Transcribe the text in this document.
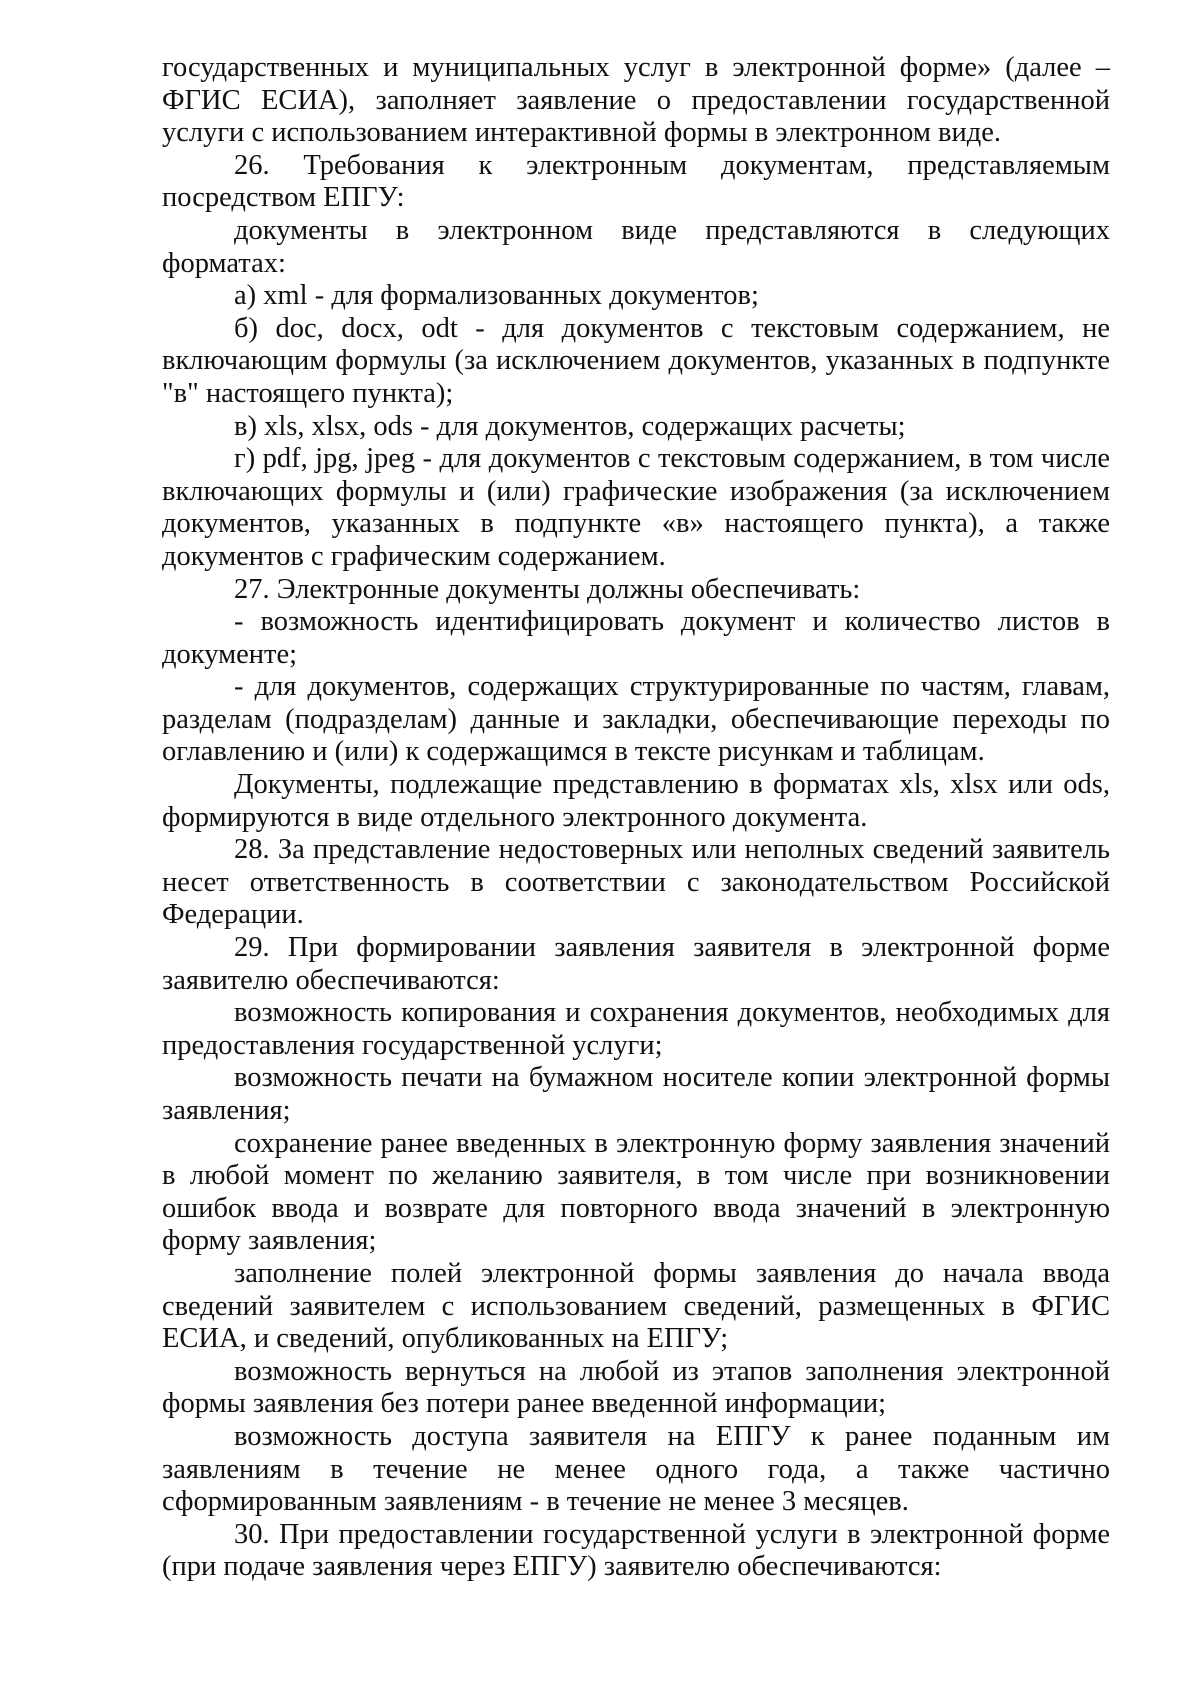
государственных и муниципальных услуг в электронной форме» (далее – ФГИС ЕСИА), заполняет заявление о предоставлении государственной услуги с использованием интерактивной формы в электронном виде.

26. Требования к электронным документам, представляемым посредством ЕПГУ:

документы в электронном виде представляются в следующих форматах:

а) xml - для формализованных документов;

б) doc, docx, odt - для документов с текстовым содержанием, не включающим формулы (за исключением документов, указанных в подпункте "в" настоящего пункта);

в) xls, xlsx, ods - для документов, содержащих расчеты;

г) pdf, jpg, jpeg - для документов с текстовым содержанием, в том числе включающих формулы и (или) графические изображения (за исключением документов, указанных в подпункте «в» настоящего пункта), а также документов с графическим содержанием.

27. Электронные документы должны обеспечивать:

- возможность идентифицировать документ и количество листов в документе;

- для документов, содержащих структурированные по частям, главам, разделам (подразделам) данные и закладки, обеспечивающие переходы по оглавлению и (или) к содержащимся в тексте рисункам и таблицам.

Документы, подлежащие представлению в форматах xls, xlsx или ods, формируются в виде отдельного электронного документа.

28. За представление недостоверных или неполных сведений заявитель несет ответственность в соответствии с законодательством Российской Федерации.

29. При формировании заявления заявителя в электронной форме заявителю обеспечиваются:

возможность копирования и сохранения документов, необходимых для предоставления государственной услуги;

возможность печати на бумажном носителе копии электронной формы заявления;

сохранение ранее введенных в электронную форму заявления значений в любой момент по желанию заявителя, в том числе при возникновении ошибок ввода и возврате для повторного ввода значений в электронную форму заявления;

заполнение полей электронной формы заявления до начала ввода сведений заявителем с использованием сведений, размещенных в ФГИС ЕСИА, и сведений, опубликованных на ЕПГУ;

возможность вернуться на любой из этапов заполнения электронной формы заявления без потери ранее введенной информации;

возможность доступа заявителя на ЕПГУ к ранее поданным им заявлениям в течение не менее одного года, а также частично сформированным заявлениям - в течение не менее 3 месяцев.

30. При предоставлении государственной услуги в электронной форме (при подаче заявления через ЕПГУ) заявителю обеспечиваются:
